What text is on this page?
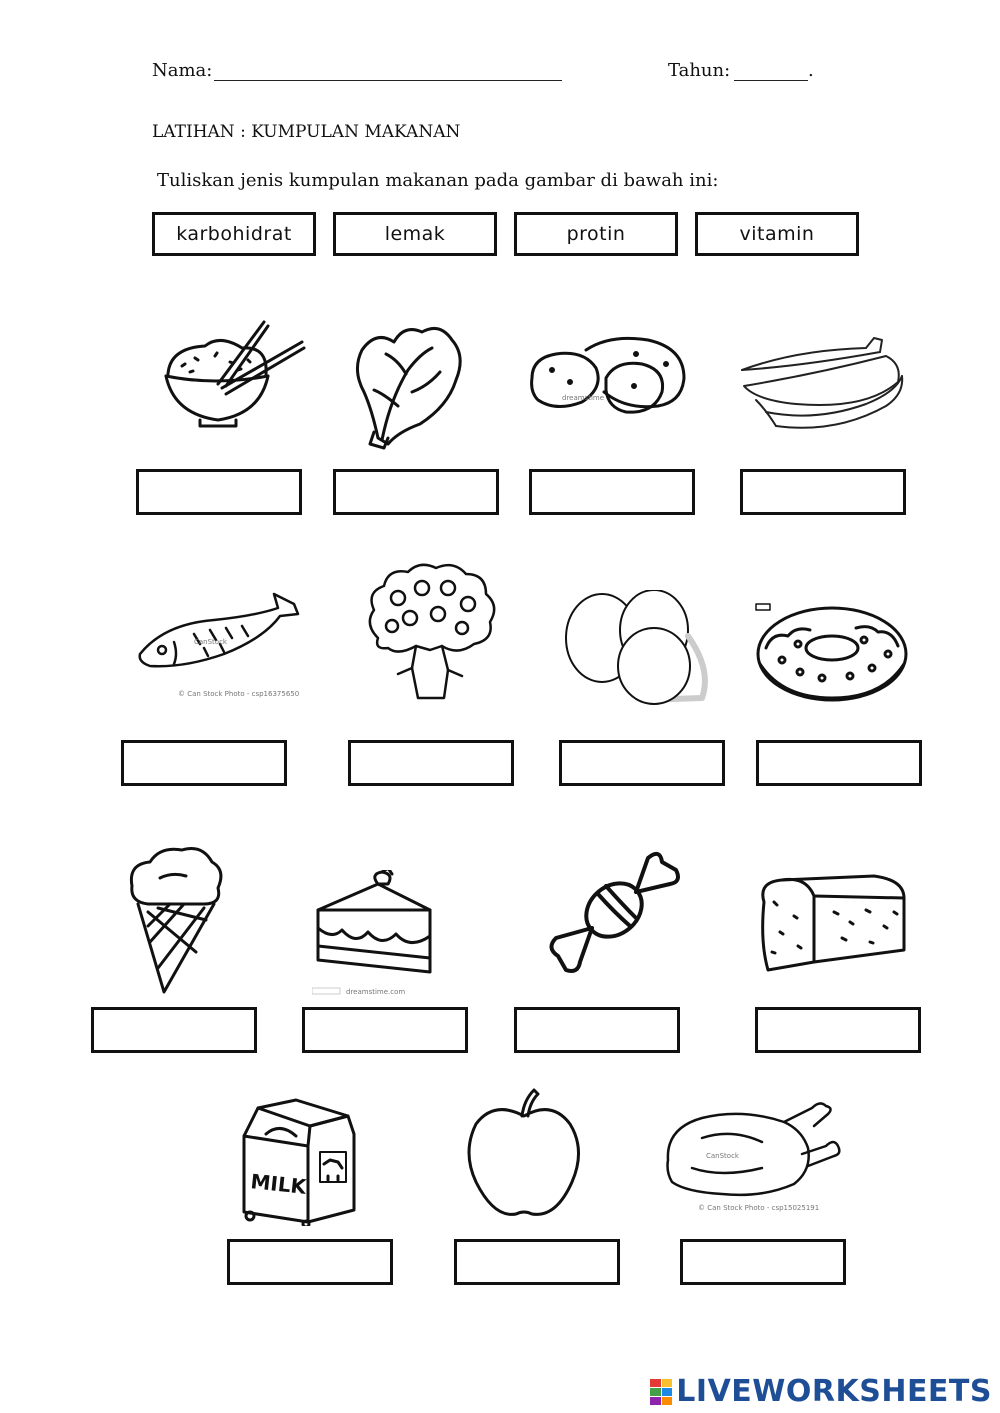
Nama:	Tahun:	.
LATIHAN : KUMPULAN MAKANAN
Tuliskan jenis kumpulan makanan pada gambar di bawah ini:
karbohidrat	lemak	protin	vitamin
dreamstime
CanStock
© Can Stock Photo - csp16375650
dreamstime.com
MILK
CanStock
© Can Stock Photo - csp15025191
LIVEWORKSHEETS
